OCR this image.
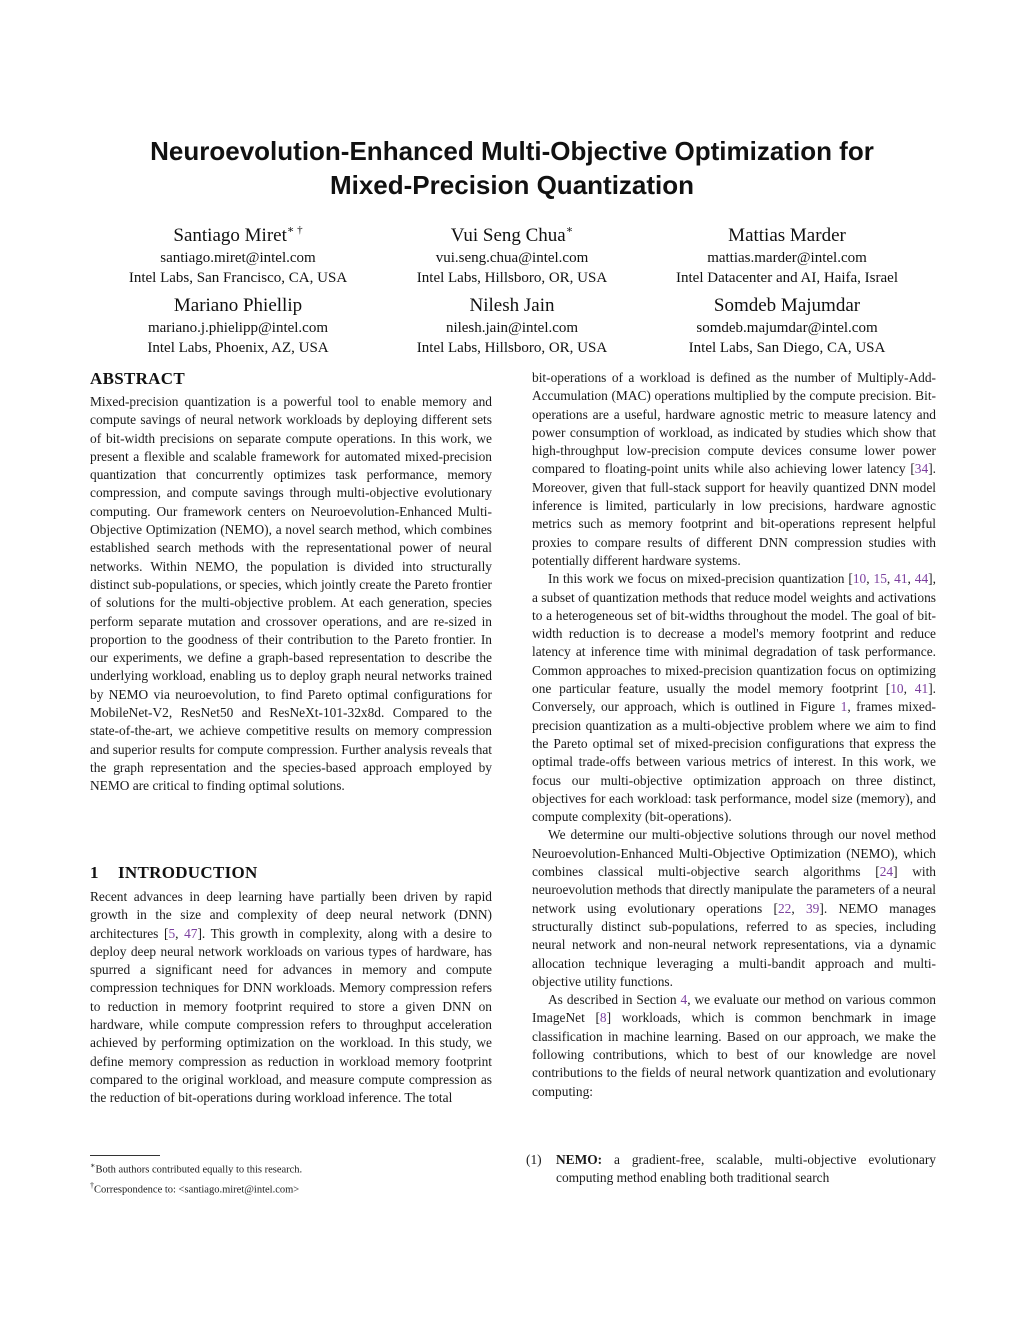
Neuroevolution-Enhanced Multi-Objective Optimization for
Mixed-Precision Quantization
Santiago Miret∗ †
santiago.miret@intel.com
Intel Labs, San Francisco, CA, USA
Vui Seng Chua∗
vui.seng.chua@intel.com
Intel Labs, Hillsboro, OR, USA
Mattias Marder
mattias.marder@intel.com
Intel Datacenter and AI, Haifa, Israel
Mariano Phiellip
mariano.j.phielipp@intel.com
Intel Labs, Phoenix, AZ, USA
Nilesh Jain
nilesh.jain@intel.com
Intel Labs, Hillsboro, OR, USA
Somdeb Majumdar
somdeb.majumdar@intel.com
Intel Labs, San Diego, CA, USA
ABSTRACT

Mixed-precision quantization is a powerful tool to enable memory and compute savings of neural network workloads by deploying different sets of bit-width precisions on separate compute operations. In this work, we present a flexible and scalable framework for automated mixed-precision quantization that concurrently optimizes task performance, memory compression, and compute savings through multi-objective evolutionary computing. Our framework centers on Neuroevolution-Enhanced Multi-Objective Optimization (NEMO), a novel search method, which combines established search methods with the representational power of neural networks. Within NEMO, the population is divided into structurally distinct sub-populations, or species, which jointly create the Pareto frontier of solutions for the multi-objective problem. At each generation, species perform separate mutation and crossover operations, and are re-sized in proportion to the goodness of their contribution to the Pareto frontier. In our experiments, we define a graph-based representation to describe the underlying workload, enabling us to deploy graph neural networks trained by NEMO via neuroevolution, to find Pareto optimal configurations for MobileNet-V2, ResNet50 and ResNeXt-101-32x8d. Compared to the state-of-the-art, we achieve competitive results on memory compression and superior results for compute compression. Further analysis reveals that the graph representation and the species-based approach employed by NEMO are critical to finding optimal solutions.

1 INTRODUCTION

Recent advances in deep learning have partially been driven by rapid growth in the size and complexity of deep neural network (DNN) architectures [5, 47]. This growth in complexity, along with a desire to deploy deep neural network workloads on various types of hardware, has spurred a significant need for advances in memory and compute compression techniques for DNN workloads. Memory compression refers to reduction in memory footprint required to store a given DNN on hardware, while compute compression refers to throughput acceleration achieved by performing optimization on the workload. In this study, we define memory compression as reduction in workload memory footprint compared to the original workload, and measure compute compression as the reduction of bit-operations during workload inference. The total

bit-operations of a workload is defined as the number of Multiply-Add-Accumulation (MAC) operations multiplied by the compute precision. Bit-operations are a useful, hardware agnostic metric to measure latency and power consumption of workload, as indicated by studies which show that high-throughput low-precision compute devices consume lower power compared to floating-point units while also achieving lower latency [34]. Moreover, given that full-stack support for heavily quantized DNN model inference is limited, particularly in low precisions, hardware agnostic metrics such as memory footprint and bit-operations represent helpful proxies to compare results of different DNN compression studies with potentially different hardware systems.

In this work we focus on mixed-precision quantization [10, 15, 41, 44], a subset of quantization methods that reduce model weights and activations to a heterogeneous set of bit-widths throughout the model. The goal of bit-width reduction is to decrease a model's memory footprint and reduce latency at inference time with minimal degradation of task performance. Common approaches to mixed-precision quantization focus on optimizing one particular feature, usually the model memory footprint [10, 41]. Conversely, our approach, which is outlined in Figure 1, frames mixed-precision quantization as a multi-objective problem where we aim to find the Pareto optimal set of mixed-precision configurations that express the optimal trade-offs between various metrics of interest. In this work, we focus our multi-objective optimization approach on three distinct, objectives for each workload: task performance, model size (memory), and compute complexity (bit-operations).

We determine our multi-objective solutions through our novel method Neuroevolution-Enhanced Multi-Objective Optimization (NEMO), which combines classical multi-objective search algorithms [24] with neuroevolution methods that directly manipulate the parameters of a neural network using evolutionary operations [22, 39]. NEMO manages structurally distinct sub-populations, referred to as species, including neural network and non-neural network representations, via a dynamic allocation technique leveraging a multi-bandit approach and multi-objective utility functions.

As described in Section 4, we evaluate our method on various common ImageNet [8] workloads, which is common benchmark in image classification in machine learning. Based on our approach, we make the following contributions, which to best of our knowledge are novel contributions to the fields of neural network quantization and evolutionary computing:

(1) NEMO: a gradient-free, scalable, multi-objective evolutionary computing method enabling both traditional search
∗Both authors contributed equally to this research.
†Correspondence to: <santiago.miret@intel.com>
